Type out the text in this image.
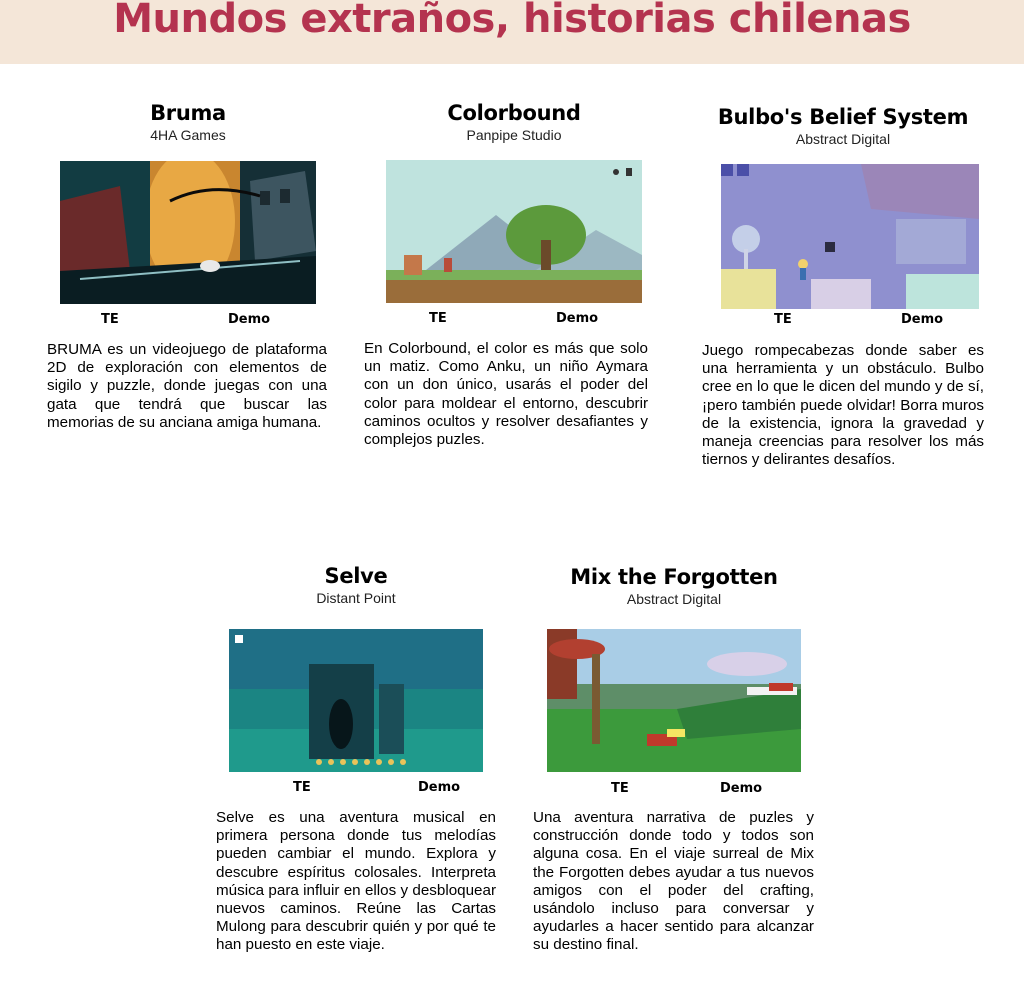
Mundos extraños, historias chilenas
Bruma
4HA Games
TE	Demo

BRUMA es un videojuego de plataforma 2D de exploración con elementos de sigilo y puzzle, donde juegas con una gata que tendrá que buscar las memorias de su anciana amiga humana.

Colorbound
Panpipe Studio
TE	Demo

En Colorbound, el color es más que solo un matiz. Como Anku, un niño Aymara con un don único, usarás el poder del color para moldear el entorno, descubrir caminos ocultos y resolver desafiantes y complejos puzles.

Bulbo's Belief System
Abstract Digital
TE	Demo

Juego rompecabezas donde saber es una herramienta y un obstáculo. Bulbo cree en lo que le dicen del mundo y de sí, ¡pero también puede olvidar! Borra muros de la existencia, ignora la gravedad y maneja creencias para resolver los más tiernos y delirantes desafíos.

Selve
Distant Point
TE	Demo

Selve es una aventura musical en primera persona donde tus melodías pueden cambiar el mundo. Explora y descubre espíritus colosales. Interpreta música para influir en ellos y desbloquear nuevos caminos. Reúne las Cartas Mulong para descubrir quién y por qué te han puesto en este viaje.

Mix the Forgotten
Abstract Digital
TE	Demo

Una aventura narrativa de puzles y construcción donde todo y todos son alguna cosa. En el viaje surreal de Mix the Forgotten debes ayudar a tus nuevos amigos con el poder del crafting, usándolo incluso para conversar y ayudarles a hacer sentido para alcanzar su destino final.
